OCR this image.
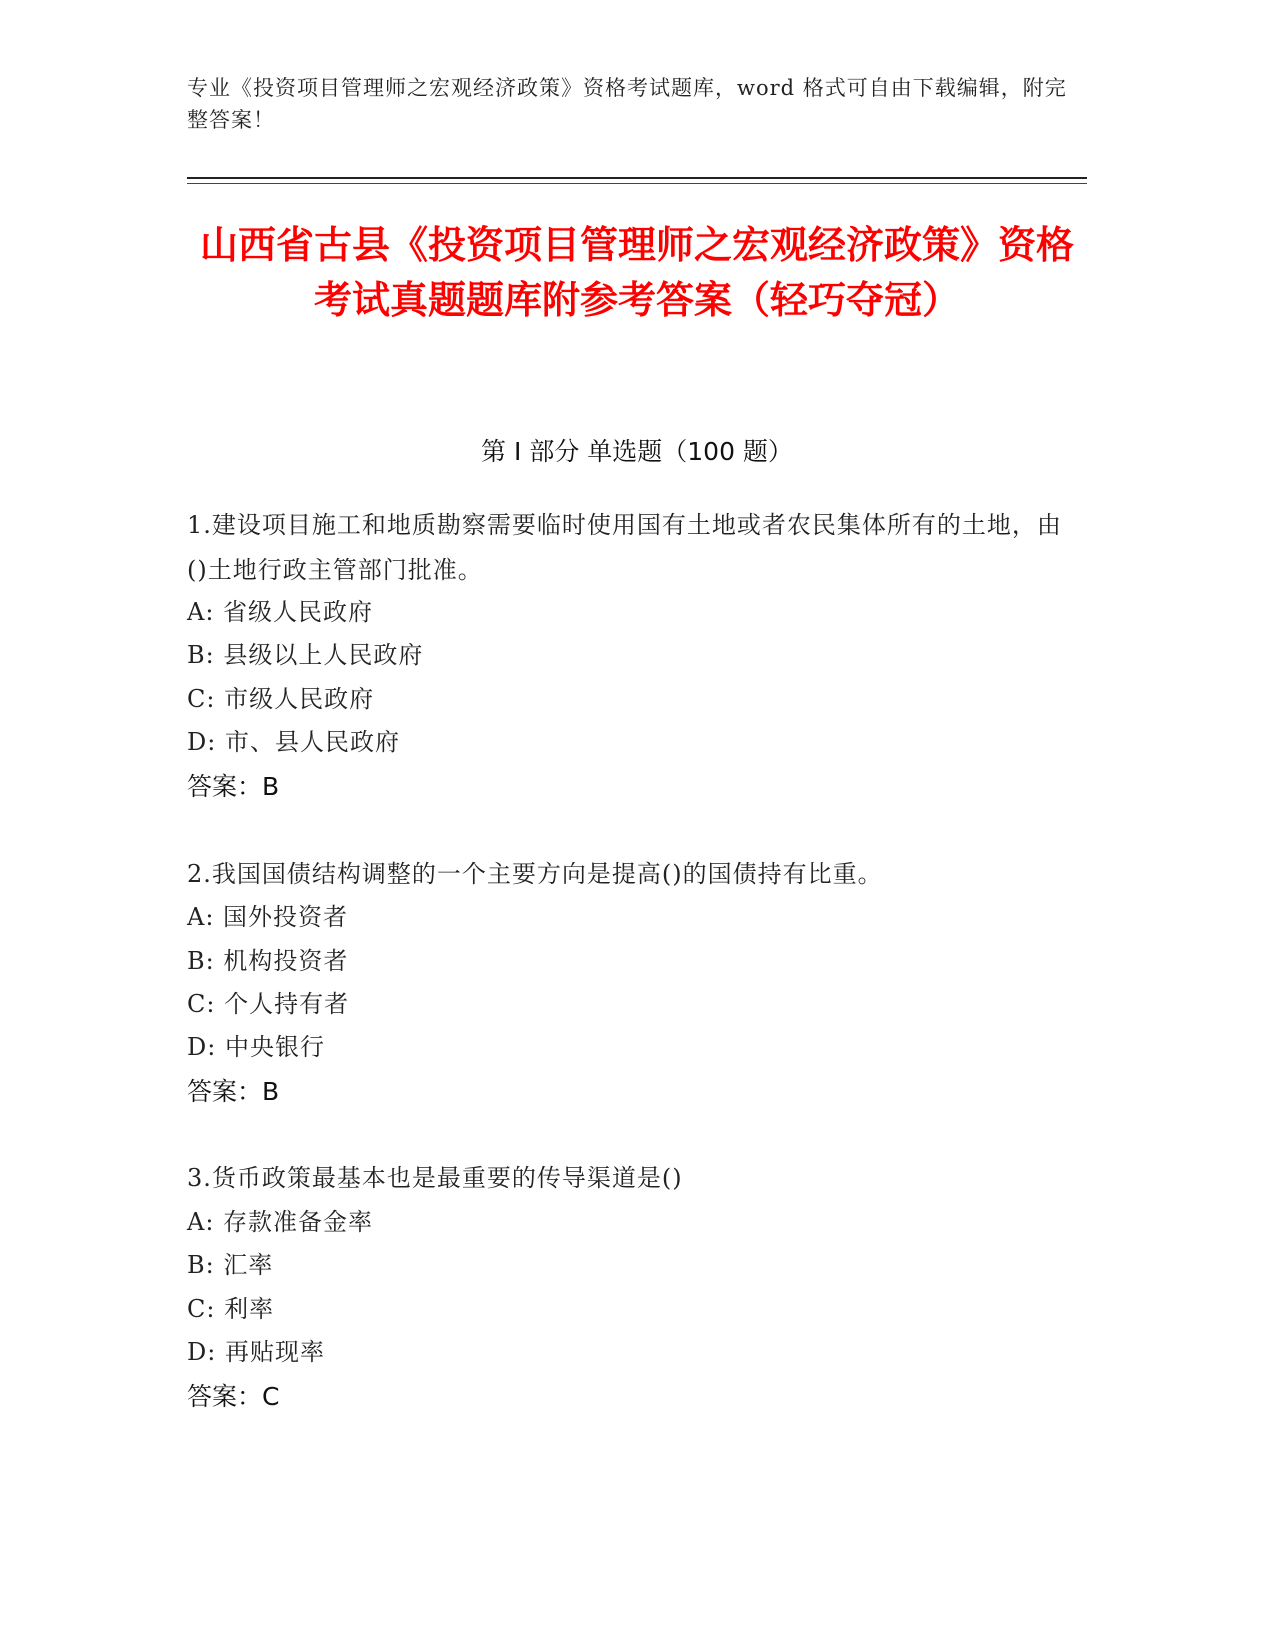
专业《投资项目管理师之宏观经济政策》资格考试题库，word 格式可自由下载编辑，附完整答案！
山西省古县《投资项目管理师之宏观经济政策》资格考试真题题库附参考答案（轻巧夺冠）
第 I 部分 单选题（100 题）
1.建设项目施工和地质勘察需要临时使用国有土地或者农民集体所有的土地，由()土地行政主管部门批准。
A: 省级人民政府
B: 县级以上人民政府
C: 市级人民政府
D: 市、县人民政府
答案：B
2.我国国债结构调整的一个主要方向是提高()的国债持有比重。
A: 国外投资者
B: 机构投资者
C: 个人持有者
D: 中央银行
答案：B
3.货币政策最基本也是最重要的传导渠道是()
A: 存款准备金率
B: 汇率
C: 利率
D: 再贴现率
答案：C
